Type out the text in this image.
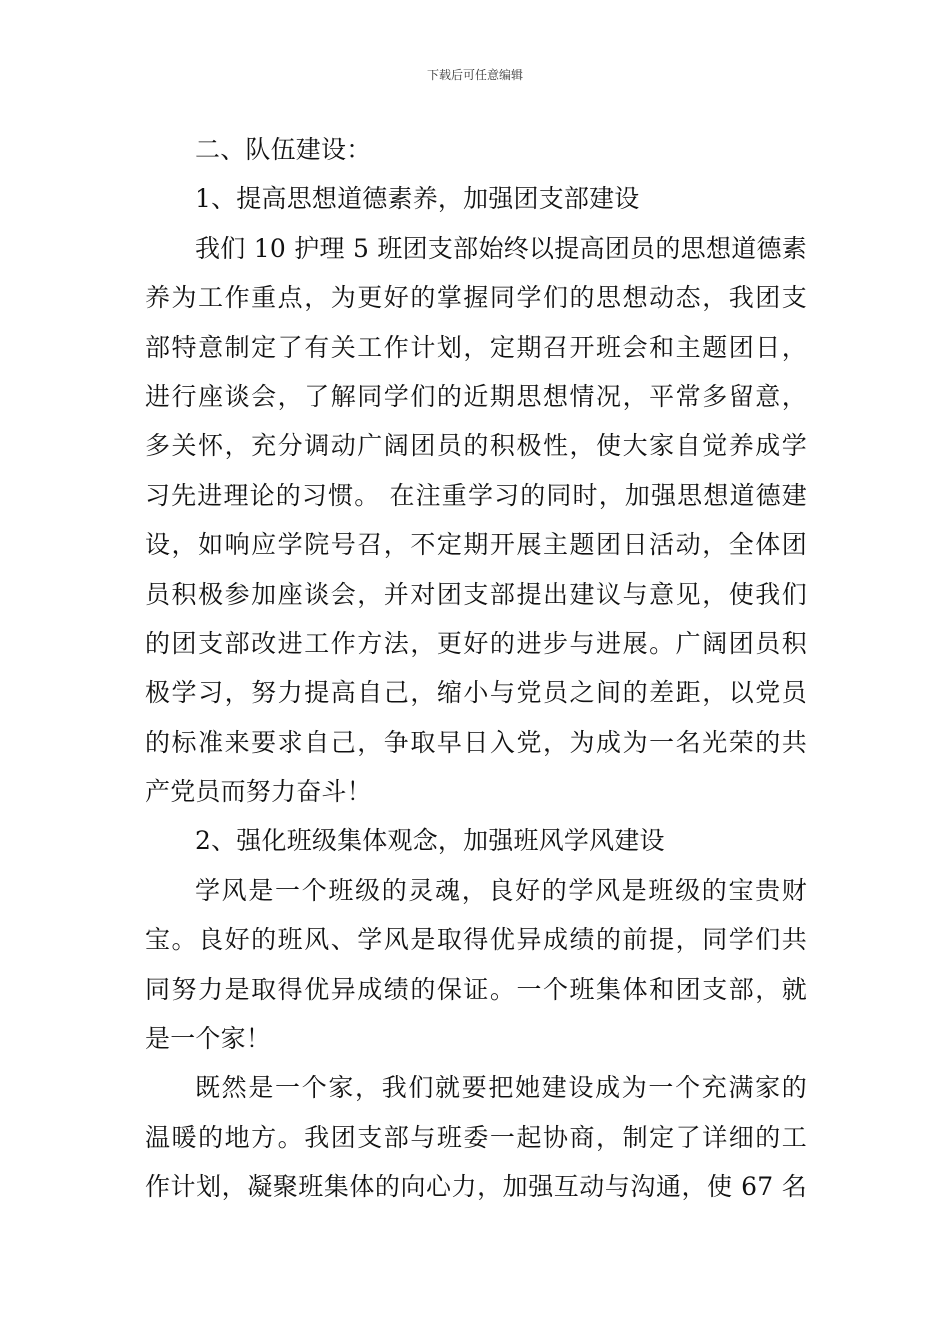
下载后可任意编辑
二、队伍建设：
1、提高思想道德素养，加强团支部建设
我们 10 护理 5 班团支部始终以提高团员的思想道德素
养为工作重点，为更好的掌握同学们的思想动态，我团支
部特意制定了有关工作计划，定期召开班会和主题团日，
进行座谈会，了解同学们的近期思想情况，平常多留意，
多关怀，充分调动广阔团员的积极性，使大家自觉养成学
习先进理论的习惯。 在注重学习的同时，加强思想道德建
设，如响应学院号召，不定期开展主题团日活动，全体团
员积极参加座谈会，并对团支部提出建议与意见，使我们
的团支部改进工作方法，更好的进步与进展。广阔团员积
极学习，努力提高自己，缩小与党员之间的差距，以党员
的标准来要求自己，争取早日入党，为成为一名光荣的共
产党员而努力奋斗！
2、强化班级集体观念，加强班风学风建设
学风是一个班级的灵魂，良好的学风是班级的宝贵财
宝。良好的班风、学风是取得优异成绩的前提，同学们共
同努力是取得优异成绩的保证。一个班集体和团支部，就
是一个家！
既然是一个家，我们就要把她建设成为一个充满家的
温暖的地方。我团支部与班委一起协商，制定了详细的工
作计划，凝聚班集体的向心力，加强互动与沟通，使 67 名
